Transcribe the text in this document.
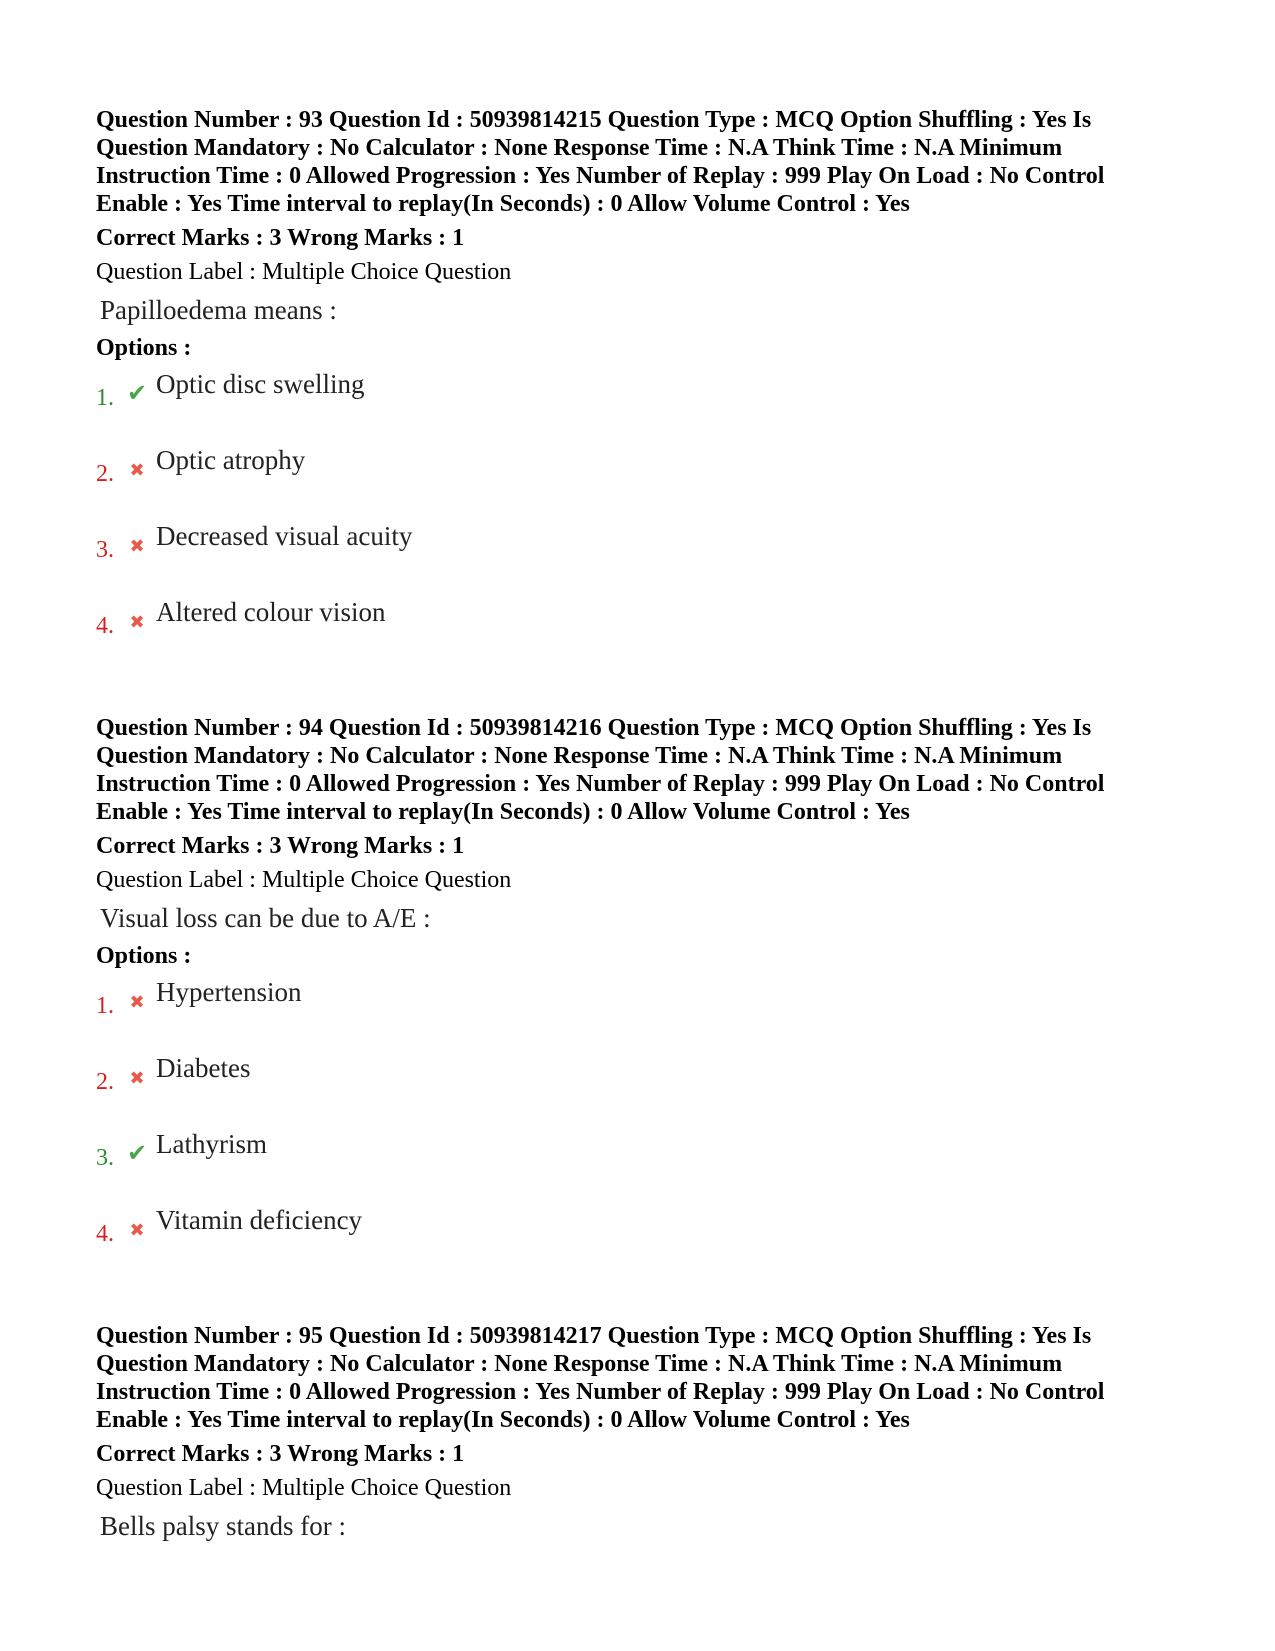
Question Number : 93 Question Id : 50939814215 Question Type : MCQ Option Shuffling : Yes Is Question Mandatory : No Calculator : None Response Time : N.A Think Time : N.A Minimum Instruction Time : 0 Allowed Progression : Yes Number of Replay : 999 Play On Load : No Control Enable : Yes Time interval to replay(In Seconds) : 0 Allow Volume Control : Yes

Correct Marks : 3 Wrong Marks : 1
Question Label : Multiple Choice Question
Papilloedema means :
Options :
1. ✔ Optic disc swelling
2. ✖ Optic atrophy
3. ✖ Decreased visual acuity
4. ✖ Altered colour vision

Question Number : 94 Question Id : 50939814216 Question Type : MCQ Option Shuffling : Yes Is Question Mandatory : No Calculator : None Response Time : N.A Think Time : N.A Minimum Instruction Time : 0 Allowed Progression : Yes Number of Replay : 999 Play On Load : No Control Enable : Yes Time interval to replay(In Seconds) : 0 Allow Volume Control : Yes

Correct Marks : 3 Wrong Marks : 1
Question Label : Multiple Choice Question
Visual loss can be due to A/E :
Options :
1. ✖ Hypertension
2. ✖ Diabetes
3. ✔ Lathyrism
4. ✖ Vitamin deficiency

Question Number : 95 Question Id : 50939814217 Question Type : MCQ Option Shuffling : Yes Is Question Mandatory : No Calculator : None Response Time : N.A Think Time : N.A Minimum Instruction Time : 0 Allowed Progression : Yes Number of Replay : 999 Play On Load : No Control Enable : Yes Time interval to replay(In Seconds) : 0 Allow Volume Control : Yes

Correct Marks : 3 Wrong Marks : 1
Question Label : Multiple Choice Question
Bells palsy stands for :
